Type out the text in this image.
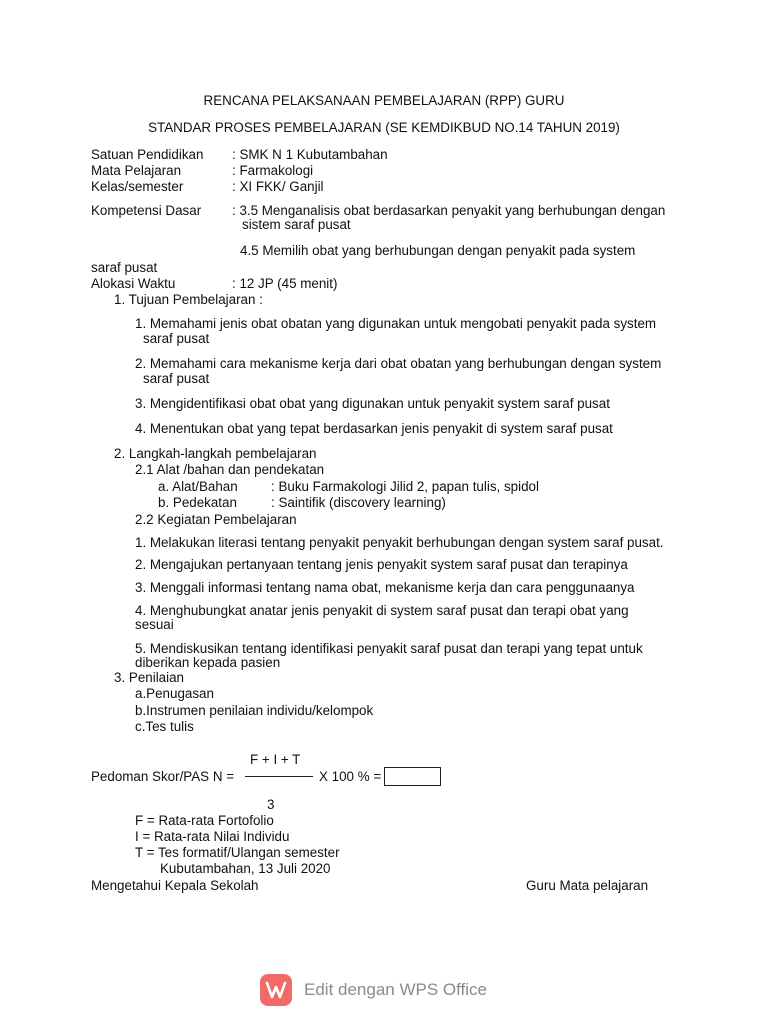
RENCANA PELAKSANAAN PEMBELAJARAN (RPP) GURU
STANDAR PROSES PEMBELAJARAN (SE KEMDIKBUD NO.14 TAHUN 2019)
Satuan Pendidikan : SMK N 1 Kubutambahan
Mata Pelajaran	: Farmakologi
Kelas/semester	: XI FKK/ Ganjil
Kompetensi Dasar : 3.5 Menganalisis obat berdasarkan penyakit yang berhubungan dengan
sistem saraf pusat
4.5 Memilih obat yang berhubungan dengan penyakit pada system
saraf pusat
Alokasi Waktu	: 12 JP (45 menit)
1. Tujuan Pembelajaran :
1. Memahami jenis obat obatan yang digunakan untuk mengobati penyakit pada system
saraf pusat
2. Memahami cara mekanisme kerja dari obat obatan yang berhubungan dengan system
saraf pusat
3. Mengidentifikasi obat obat yang digunakan untuk penyakit system saraf pusat
4. Menentukan obat yang tepat berdasarkan jenis penyakit di system saraf pusat
2. Langkah-langkah pembelajaran
2.1 Alat /bahan dan pendekatan
a. Alat/Bahan : Buku Farmakologi Jilid 2, papan tulis, spidol
b. Pedekatan	: Saintifik (discovery learning)
2.2 Kegiatan Pembelajaran
1. Melakukan literasi tentang penyakit penyakit berhubungan dengan system saraf pusat.
2. Mengajukan pertanyaan tentang jenis penyakit system saraf pusat dan terapinya
3. Menggali informasi tentang nama obat, mekanisme kerja dan cara penggunaanya
4. Menghubungkat anatar jenis penyakit di system saraf pusat dan terapi obat yang
sesuai
5. Mendiskusikan tentang identifikasi penyakit saraf pusat dan terapi yang tepat untuk
diberikan kepada pasien
3. Penilaian
a.Penugasan
b.Instrumen penilaian individu/kelompok
c.Tes tulis
F + I + T
Pedoman Skor/PAS N =	X 100 % =
3
F = Rata-rata Fortofolio
I = Rata-rata Nilai Individu
T = Tes formatif/Ulangan semester
Kubutambahan, 13 Juli 2020
Mengetahui Kepala Sekolah	Guru Mata pelajaran
Edit dengan WPS Office
